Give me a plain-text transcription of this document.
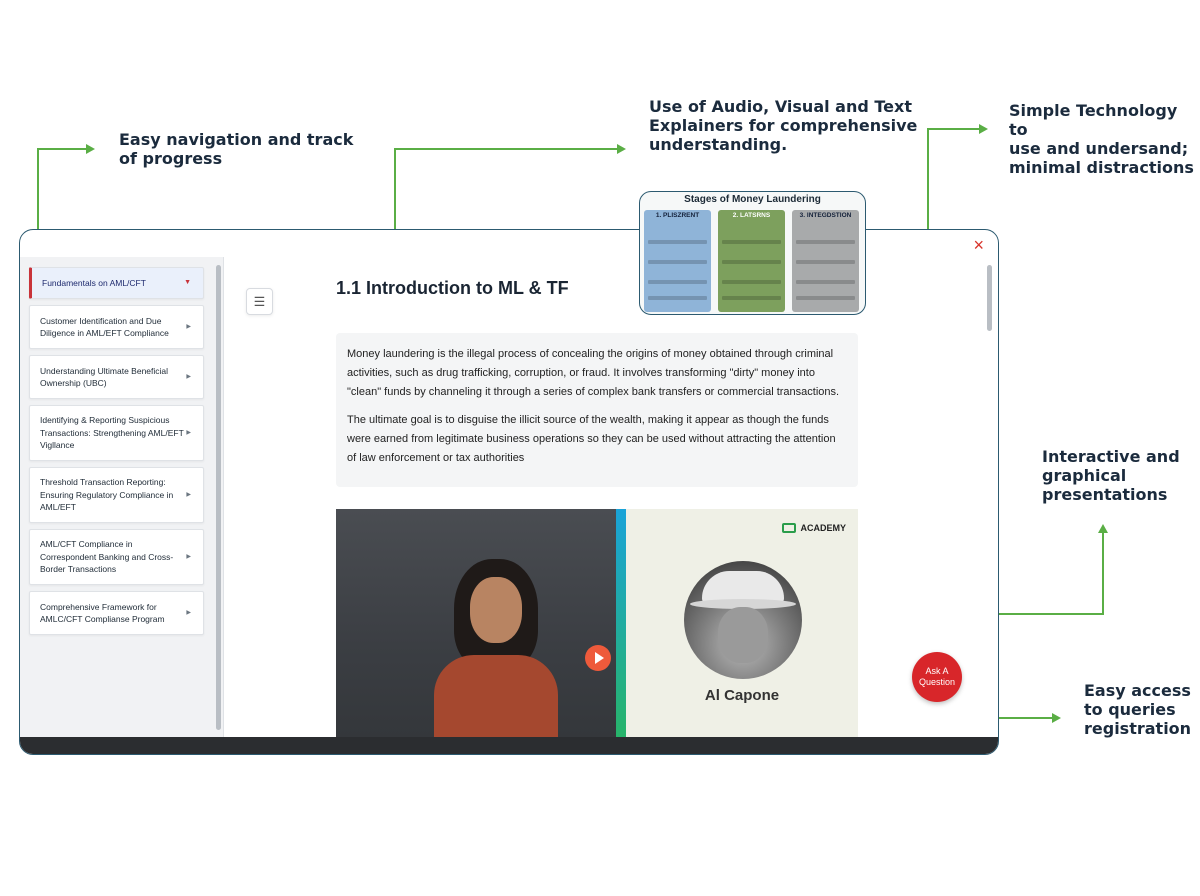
Easy navigation and track
of progress
Use of Audio, Visual and Text
Explainers for comprehensive
understanding.
Simple Technology to
use and undersand;
minimal distractions
Interactive and
graphical
presentations
Easy access
to queries
registration
×
Fundamentals on AML/CFT	▼
Customer Identification and Due Diligence in AML/EFT Compliance
▶
Understanding Ultimate Beneficial Ownership (UBC)
▶
Identifying & Reporting Suspicious Transactions: Strengthening AML/EFT Vigllance
▶
Threshold Transaction Reporting: Ensuring Regulatory Compliance in AML/EFT
▶
AML/CFT Compliance in Correspondent Banking and Cross-Border Transactions
▶
Comprehensive Framework for AMLC/CFT Complianse Program
▶
☰
1.1 Introduction to ML & TF

Money laundering is the illegal process of concealing the origins of money obtained through criminal activities, such as drug trafficking, corruption, or fraud. It involves transforming "dirty" money into "clean" funds by channeling it through a series of complex bank transfers or commercial transactions.

The ultimate goal is to disguise the illicit source of the wealth, making it appear as though the funds were earned from legitimate business operations so they can be used without attracting the attention of law enforcement or tax authorities

ACADEMY
Al Capone
Ask A Question
Stages of Money Laundering
1. PLISZRENT	2. LATSRNS	3. INTEGDSTION
